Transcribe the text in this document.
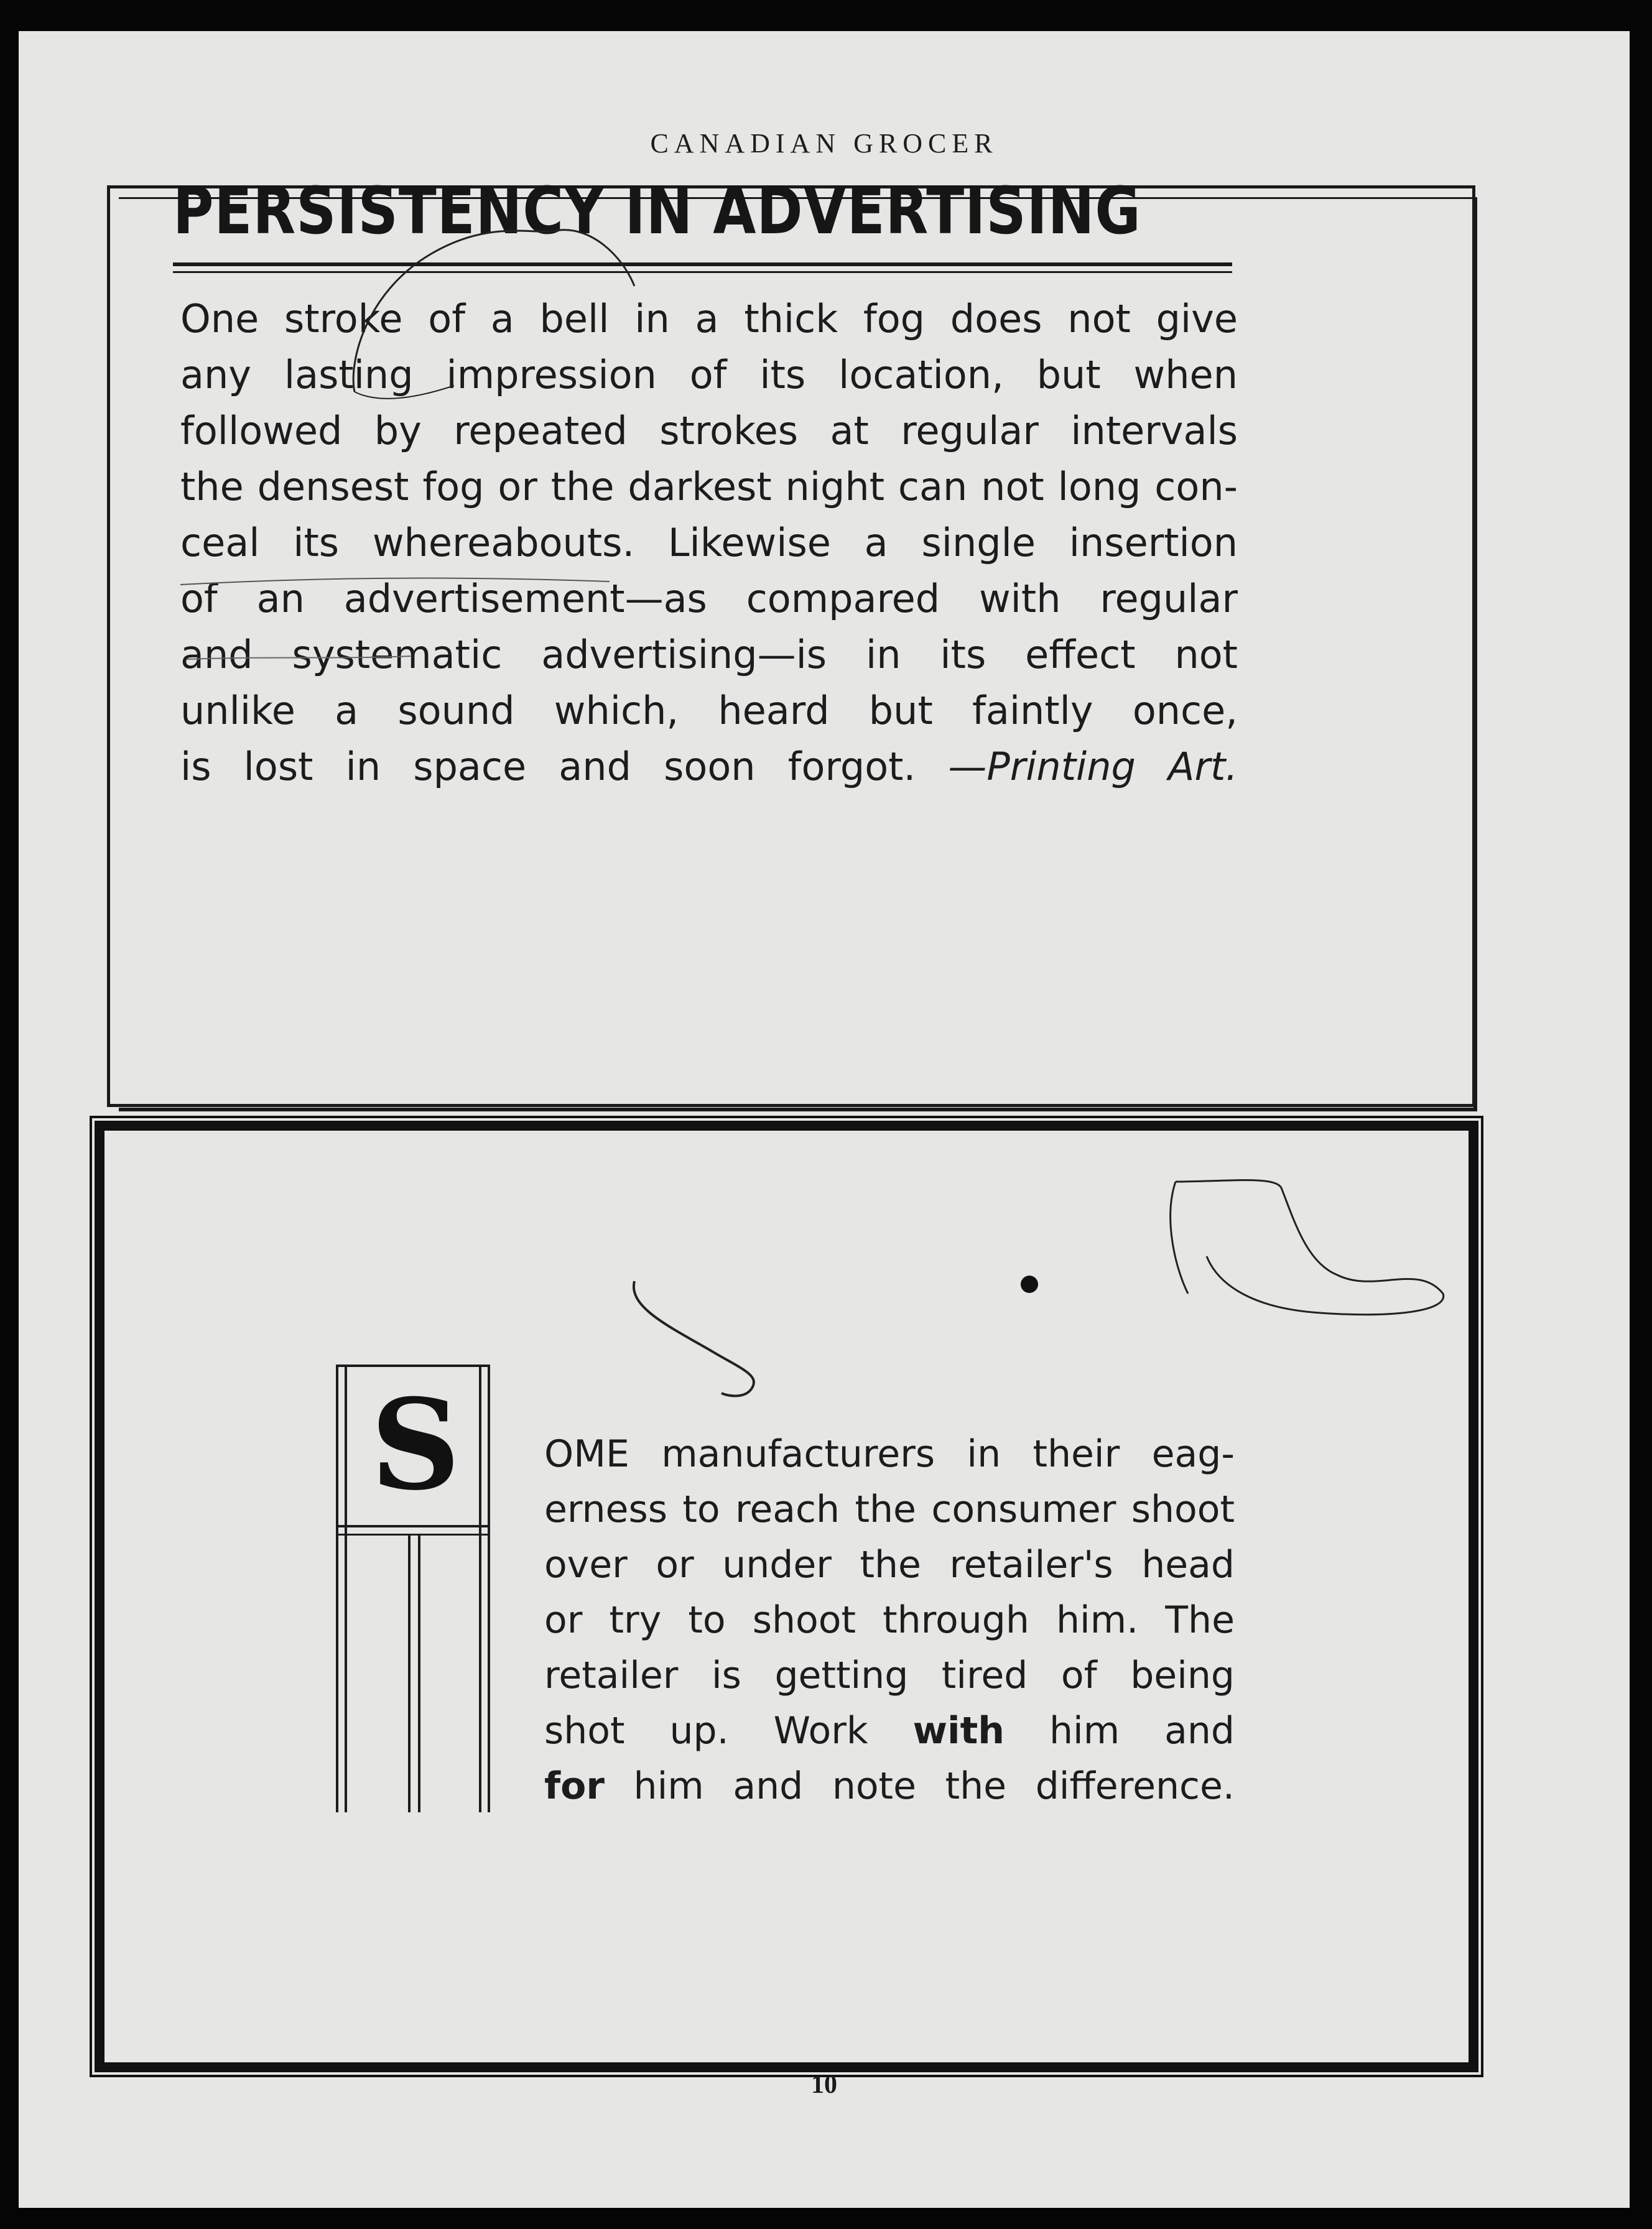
CANADIAN GROCER
PERSISTENCY IN ADVERTISING
One stroke of a bell in a thick fog does not give
any lasting impression of its location, but when
followed by repeated strokes at regular intervals
the densest fog or the darkest night can not long con-
ceal its whereabouts. Likewise a single insertion
of an advertisement—as compared with regular
and systematic advertising—is in its effect not
unlike a sound which, heard but faintly once,
is lost in space and soon forgot. —Printing Art.
S	OME manufacturers in their eag-
erness to reach the consumer shoot
over or under the retailer's head
or try to shoot through him. The
retailer is getting tired of being
shot up. Work with him and
for him and note the difference.
10
